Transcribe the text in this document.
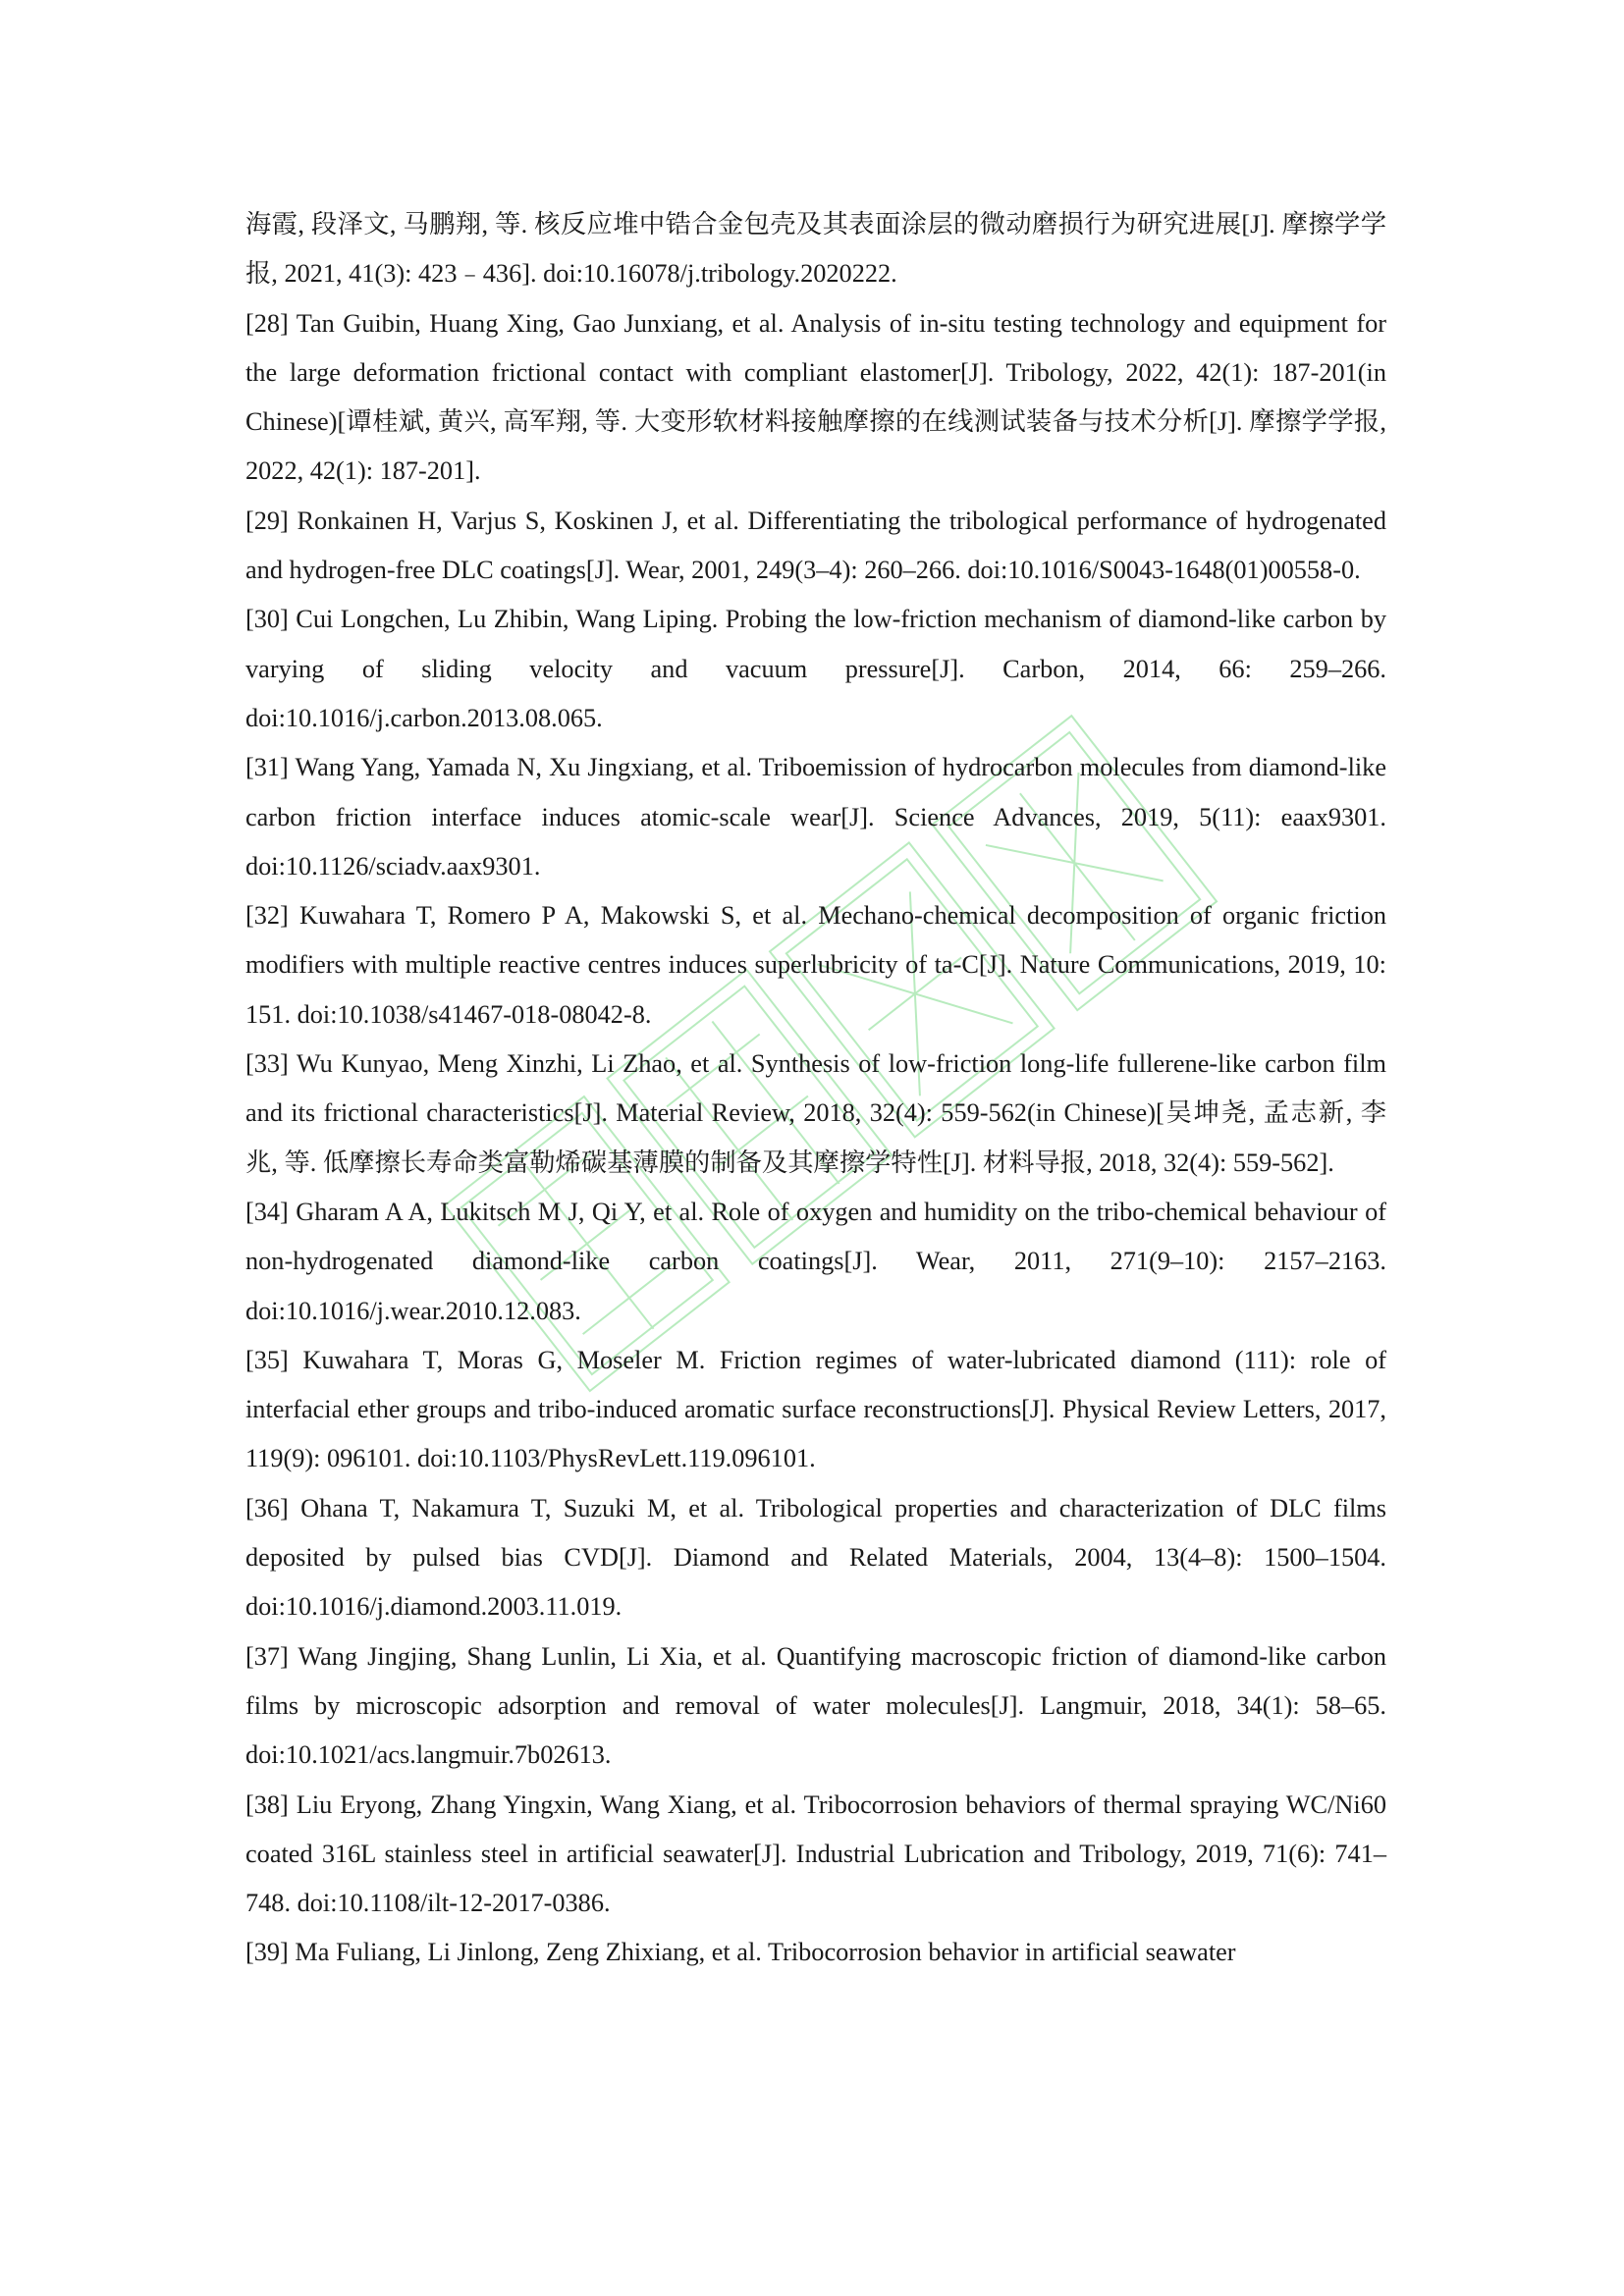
海霞, 段泽文, 马鹏翔, 等. 核反应堆中锆合金包壳及其表面涂层的微动磨损行为研究进展[J]. 摩擦学学报, 2021, 41(3): 423﹣436]. doi:10.16078/j.tribology.2020222.

[28] Tan Guibin, Huang Xing, Gao Junxiang, et al. Analysis of in-situ testing technology and equipment for the large deformation frictional contact with compliant elastomer[J]. Tribology, 2022, 42(1): 187-201(in Chinese)[谭桂斌, 黄兴, 高军翔, 等. 大变形软材料接触摩擦的在线测试装备与技术分析[J]. 摩擦学学报, 2022, 42(1): 187-201].

[29] Ronkainen H, Varjus S, Koskinen J, et al. Differentiating the tribological performance of hydrogenated and hydrogen-free DLC coatings[J]. Wear, 2001, 249(3–4): 260–266. doi:10.1016/S0043-1648(01)00558-0.

[30] Cui Longchen, Lu Zhibin, Wang Liping. Probing the low-friction mechanism of diamond-like carbon by varying of sliding velocity and vacuum pressure[J]. Carbon, 2014, 66: 259–266. doi:10.1016/j.carbon.2013.08.065.

[31] Wang Yang, Yamada N, Xu Jingxiang, et al. Triboemission of hydrocarbon molecules from diamond-like carbon friction interface induces atomic-scale wear[J]. Science Advances, 2019, 5(11): eaax9301. doi:10.1126/sciadv.aax9301.

[32] Kuwahara T, Romero P A, Makowski S, et al. Mechano-chemical decomposition of organic friction modifiers with multiple reactive centres induces superlubricity of ta-C[J]. Nature Communications, 2019, 10: 151. doi:10.1038/s41467-018-08042-8.

[33] Wu Kunyao, Meng Xinzhi, Li Zhao, et al. Synthesis of low-friction long-life fullerene-like carbon film and its frictional characteristics[J]. Material Review, 2018, 32(4): 559-562(in Chinese)[吴坤尧, 孟志新, 李兆, 等. 低摩擦长寿命类富勒烯碳基薄膜的制备及其摩擦学特性[J]. 材料导报, 2018, 32(4): 559-562].

[34] Gharam A A, Lukitsch M J, Qi Y, et al. Role of oxygen and humidity on the tribo-chemical behaviour of non-hydrogenated diamond-like carbon coatings[J]. Wear, 2011, 271(9–10): 2157–2163. doi:10.1016/j.wear.2010.12.083.

[35] Kuwahara T, Moras G, Moseler M. Friction regimes of water-lubricated diamond (111): role of interfacial ether groups and tribo-induced aromatic surface reconstructions[J]. Physical Review Letters, 2017, 119(9): 096101. doi:10.1103/PhysRevLett.119.096101.

[36] Ohana T, Nakamura T, Suzuki M, et al. Tribological properties and characterization of DLC films deposited by pulsed bias CVD[J]. Diamond and Related Materials, 2004, 13(4–8): 1500–1504. doi:10.1016/j.diamond.2003.11.019.

[37] Wang Jingjing, Shang Lunlin, Li Xia, et al. Quantifying macroscopic friction of diamond-like carbon films by microscopic adsorption and removal of water molecules[J]. Langmuir, 2018, 34(1): 58–65. doi:10.1021/acs.langmuir.7b02613.

[38] Liu Eryong, Zhang Yingxin, Wang Xiang, et al. Tribocorrosion behaviors of thermal spraying WC/Ni60 coated 316L stainless steel in artificial seawater[J]. Industrial Lubrication and Tribology, 2019, 71(6): 741–748. doi:10.1108/ilt-12-2017-0386.

[39] Ma Fuliang, Li Jinlong, Zeng Zhixiang, et al. Tribocorrosion behavior in artificial seawater
